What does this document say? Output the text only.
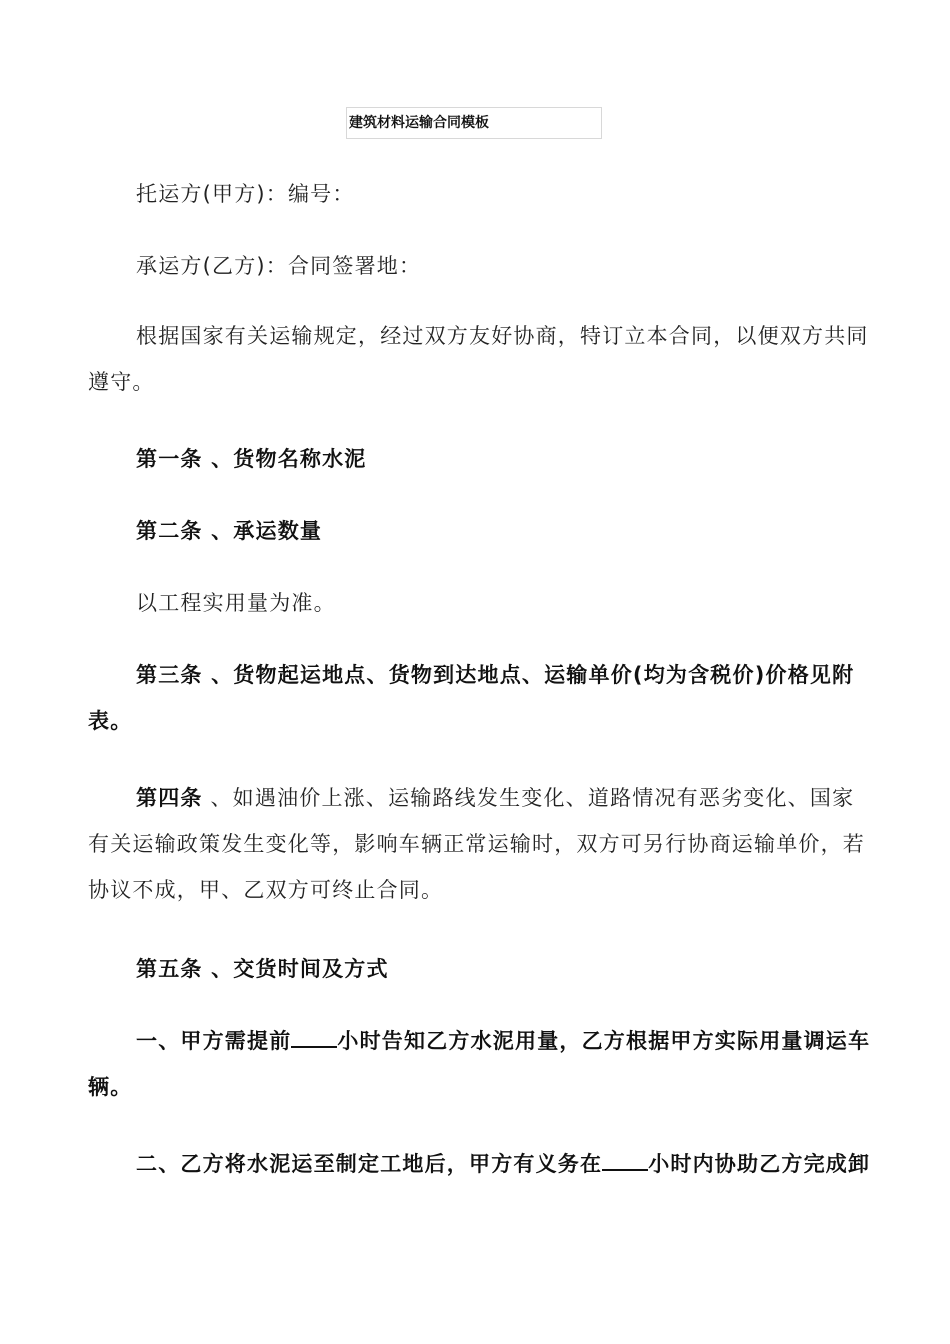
建筑材料运输合同模板

托运方(甲方)：编号：

承运方(乙方)：合同签署地：

根据国家有关运输规定，经过双方友好协商，特订立本合同，以便双方共同遵守。

第一条 、货物名称水泥

第二条 、承运数量

以工程实用量为准。

第三条 、货物起运地点、货物到达地点、运输单价(均为含税价)价格见附表。

第四条 、如遇油价上涨、运输路线发生变化、道路情况有恶劣变化、国家有关运输政策发生变化等，影响车辆正常运输时，双方可另行协商运输单价，若协议不成，甲、乙双方可终止合同。

第五条 、交货时间及方式

一、甲方需提前 小时告知乙方水泥用量，乙方根据甲方实际用量调运车辆。

二、乙方将水泥运至制定工地后，甲方有义务在 小时内协助乙方完成卸
